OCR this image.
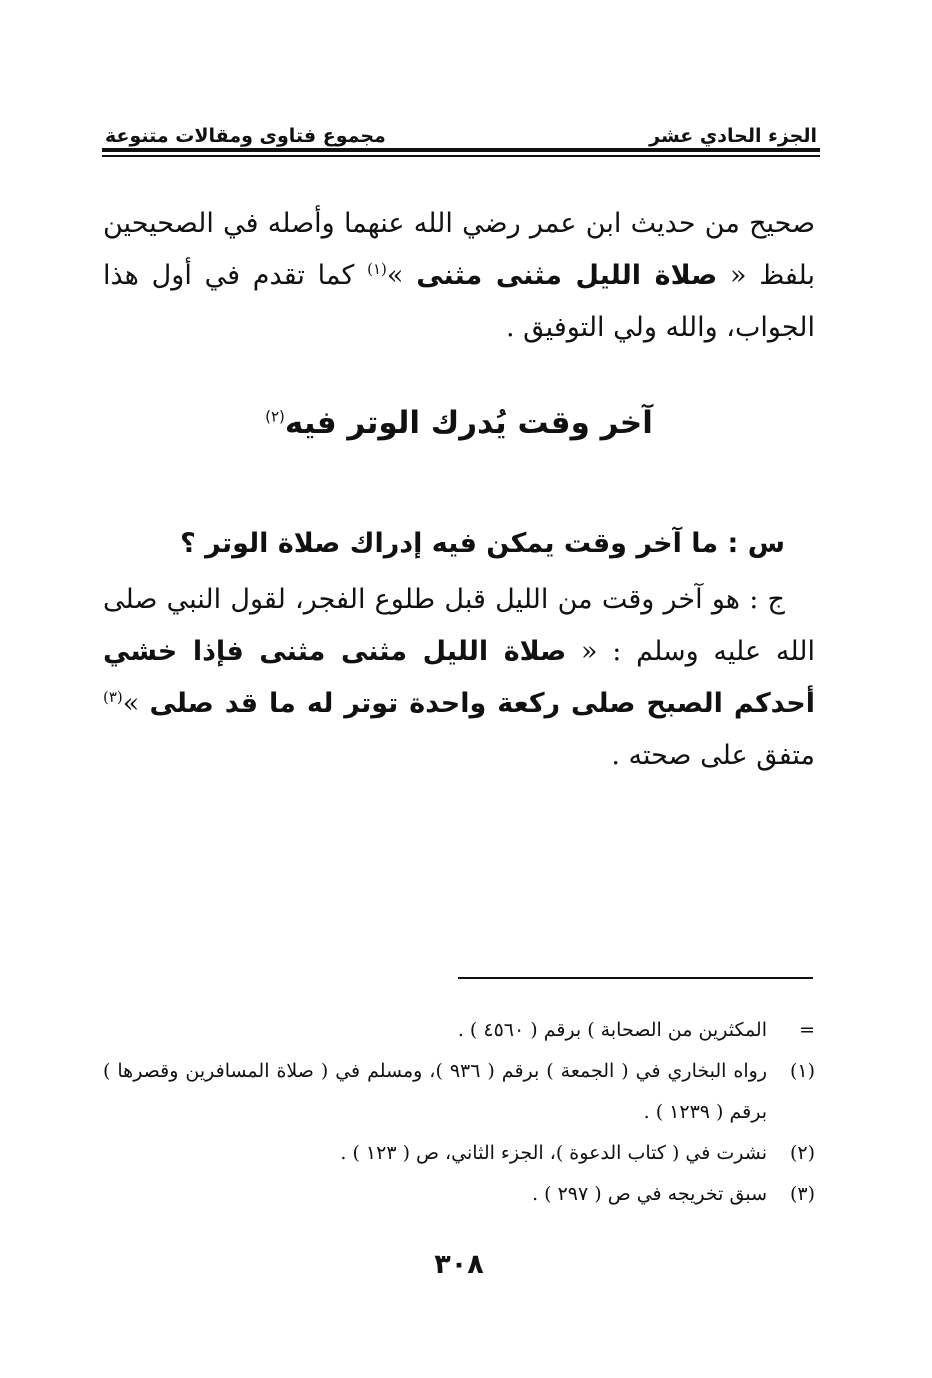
مجموع فتاوى ومقالات متنوعة	الجزء الحادي عشر
صحيح من حديث ابن عمر رضي الله عنهما وأصله في الصحيحين بلفظ « صلاة الليل مثنى مثنى »$^{(١)}$ كما تقدم في أول هذا الجواب، والله ولي التوفيق .
آخر وقت يُدرك الوتر فيه$^{(٢)}$
س : ما آخر وقت يمكن فيه إدراك صلاة الوتر ؟
ج : هو آخر وقت من الليل قبل طلوع الفجر، لقول النبي صلى الله عليه وسلم : « صلاة الليل مثنى مثنى فإذا خشي أحدكم الصبح صلى ركعة واحدة توتر له ما قد صلى »$^{(٣)}$ متفق على صحته .
=
المكثرين من الصحابة ) برقم ( ٤٥٦٠ ) .
(١)
رواه البخاري في ( الجمعة ) برقم ( ٩٣٦ )، ومسلم في ( صلاة المسافرين وقصرها ) برقم ( ١٢٣٩ ) .
(٢)
نشرت في ( كتاب الدعوة )، الجزء الثاني، ص ( ١٢٣ ) .
(٣)
سبق تخريجه في ص ( ٢٩٧ ) .
٣٠٨
